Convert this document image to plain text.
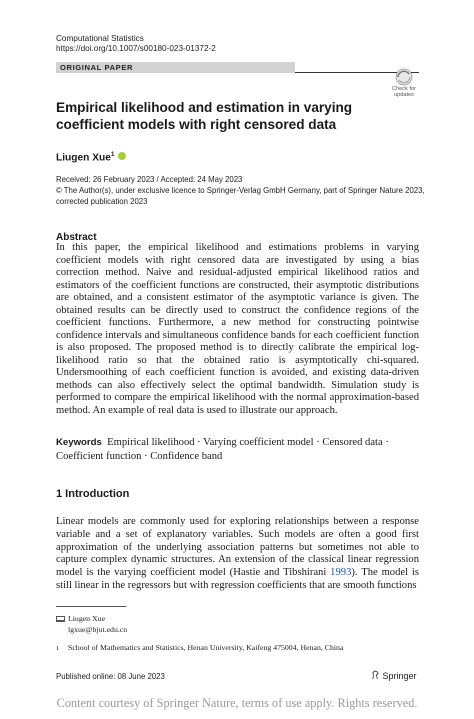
Computational Statistics
https://doi.org/10.1007/s00180-023-01372-2
ORIGINAL PAPER
Check for updates
Empirical likelihood and estimation in varying coefficient models with right censored data
Liugen Xue$^1$
Received: 26 February 2023 / Accepted: 24 May 2023
© The Author(s), under exclusive licence to Springer-Verlag GmbH Germany, part of Springer Nature 2023,
corrected publication 2023
Abstract
In this paper, the empirical likelihood and estimations problems in varying coefficient models with right censored data are investigated by using a bias correction method. Naive and residual-adjusted empirical likelihood ratios and estimators of the coefficient functions are constructed, their asymptotic distributions are obtained, and a consistent estimator of the asymptotic variance is given. The obtained results can be directly used to construct the confidence regions of the coefficient functions. Furthermore, a new method for constructing pointwise confidence intervals and simultaneous confidence bands for each coefficient function is also proposed. The proposed method is to directly calibrate the empirical log-likelihood ratio so that the obtained ratio is asymptotically chi-squared. Undersmoothing of each coefficient function is avoided, and existing data-driven methods can also effectively select the optimal bandwidth. Simulation study is performed to compare the empirical likelihood with the normal approximation-based method. An example of real data is used to illustrate our approach.
Keywords Empirical likelihood · Varying coefficient model · Censored data · Coefficient function · Confidence band
1 Introduction
Linear models are commonly used for exploring relationships between a response variable and a set of explanatory variables. Such models are often a good first approximation of the underlying association patterns but sometimes not able to capture complex dynamic structures. An extension of the classical linear regression model is the varying coefficient model (Hastie and Tibshirani 1993). The model is still linear in the regressors but with regression coefficients that are smooth functions
Liugen Xue
lgxue@bjut.edu.cn
1 School of Mathematics and Statistics, Henan University, Kaifeng 475004, Henan, China
Published online: 08 June 2023	Springer
Content courtesy of Springer Nature, terms of use apply. Rights reserved.
